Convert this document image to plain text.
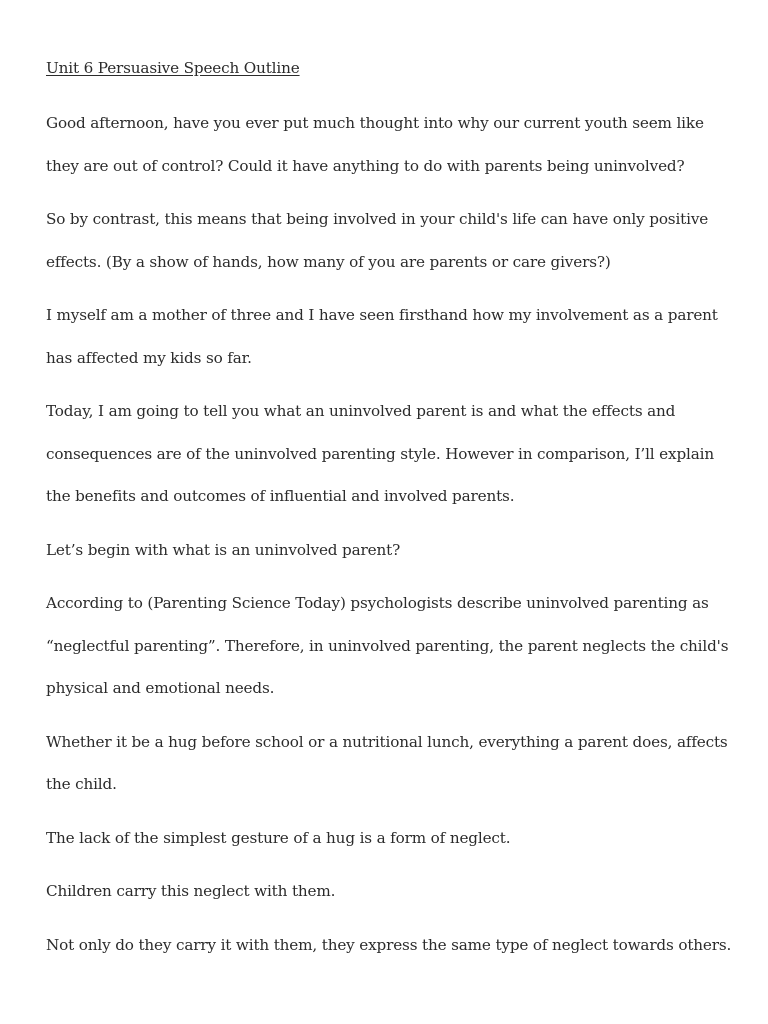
Unit 6 Persuasive Speech Outline

Good afternoon, have you ever put much thought into why our current youth seem like
they are out of control? Could it have anything to do with parents being uninvolved?

So by contrast, this means that being involved in your child's life can have only positive
effects. (By a show of hands, how many of you are parents or care givers?)

I myself am a mother of three and I have seen firsthand how my involvement as a parent
has affected my kids so far.

Today, I am going to tell you what an uninvolved parent is and what the effects and
consequences are of the uninvolved parenting style. However in comparison, I’ll explain
the benefits and outcomes of influential and involved parents.

Let’s begin with what is an uninvolved parent?

According to (Parenting Science Today) psychologists describe uninvolved parenting as
“neglectful parenting”. Therefore, in uninvolved parenting, the parent neglects the child's
physical and emotional needs.

Whether it be a hug before school or a nutritional lunch, everything a parent does, affects
the child.

The lack of the simplest gesture of a hug is a form of neglect.

Children carry this neglect with them.

Not only do they carry it with them, they express the same type of neglect towards others.
